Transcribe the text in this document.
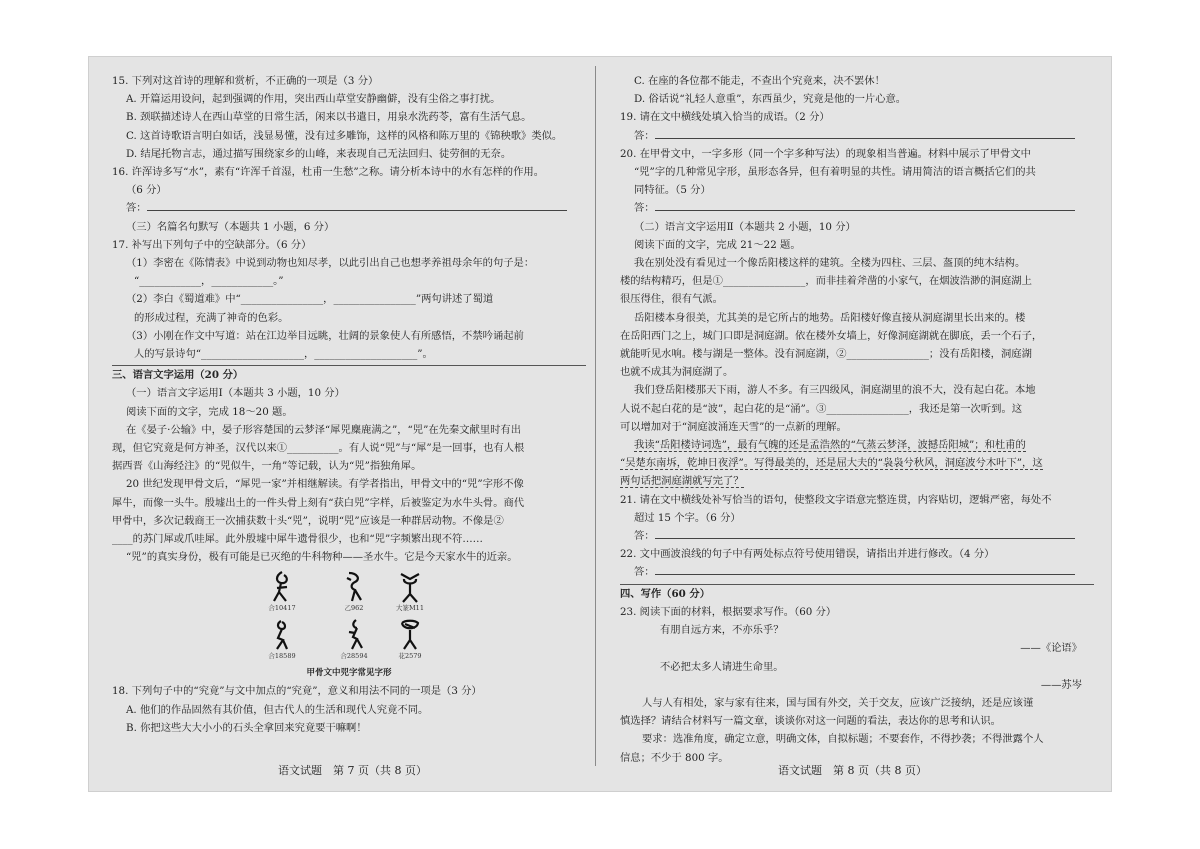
15. 下列对这首诗的理解和赏析，不正确的一项是（3 分）
A. 开篇运用设问，起到强调的作用，突出西山草堂安静幽僻，没有尘俗之事打扰。
B. 颈联描述诗人在西山草堂的日常生活，闲来以书遣日，用泉水洗药苓，富有生活气息。
C. 这首诗歌语言明白如话，浅显易懂，没有过多雕饰，这样的风格和陈万里的《锦秧歌》类似。
D. 结尾托物言志，通过描写围绕家乡的山峰，来表现自己无法回归、徒劳徊的无奈。
16. 许浑诗多写“水”，素有“许浑千首湿，杜甫一生愁”之称。请分析本诗中的水有怎样的作用。
（6 分）
答：
（三）名篇名句默写（本题共 1 小题，6 分）
17. 补写出下列句子中的空缺部分。（6 分）
（1）李密在《陈情表》中说到动物也知尽孝，以此引出自己也想孝养祖母余年的句子是：
“____________，____________。”
（2）李白《蜀道难》中“________________，________________”两句讲述了蜀道
的形成过程，充满了神奇的色彩。
（3）小刚在作文中写道：站在江边举目远眺，壮阔的景象使人有所感悟，不禁吟诵起前
人的写景诗句“____________________，____________________”。
三、语言文字运用（20 分）
（一）语言文字运用Ⅰ（本题共 3 小题，10 分）
阅读下面的文字，完成 18～20 题。
在《晏子·公输》中，晏子形容楚国的云梦泽“犀兕麋鹿满之”，“兕”在先秦文献里时有出
现，但它究竟是何方神圣，汉代以来①__________。有人说“兕”与“犀”是一回事，也有人根
据西晋《山海经注》的“兕似牛，一角”等记载，认为“兕”指独角犀。
20 世纪发现甲骨文后，“犀兕一家”并相继解读。有学者指出，甲骨文中的“兕”字形不像
犀牛，而像一头牛。殷墟出土的一件头骨上刻有“获白兕”字样，后被鉴定为水牛头骨。商代
甲骨中，多次记载商王一次捕获数十头“兕”，说明“兕”应该是一种群居动物。不像是②
____的苏门犀或爪哇犀。此外殷墟中犀牛遗骨很少，也和“兕”字频繁出现不符……
“兕”的真实身份，极有可能是已灭绝的牛科物种——圣水牛。它是今天家水牛的近亲。
合10417	乙962	大篆M11
合18589	合28594	花2579
甲骨文中兕字常见字形
18. 下列句子中的“究竟”与文中加点的“究竟”，意义和用法不同的一项是（3 分）
A. 他们的作品固然有其价值，但古代人的生活和现代人究竟不同。
B. 你把这些大大小小的石头全拿回来究竟要干嘛啊！
语文试题　第 7 页（共 8 页）
C. 在座的各位都不能走，不查出个究竟来，决不罢休！
D. 俗话说“礼轻人意重”，东西虽少，究竟是他的一片心意。
19. 请在文中横线处填入恰当的成语。（2 分）
答：
20. 在甲骨文中，一字多形（同一个字多种写法）的现象相当普遍。材料中展示了甲骨文中
“兕”字的几种常见字形，虽形态各异，但有着明显的共性。请用简洁的语言概括它们的共
同特征。（5 分）
答：
（二）语言文字运用Ⅱ（本题共 2 小题，10 分）
阅读下面的文字，完成 21～22 题。
我在别处没有看见过一个像岳阳楼这样的建筑。全楼为四柱、三层、盔顶的纯木结构。
楼的结构精巧，但是①________________，而非挂着斧凿的小家气，在烟波浩渺的洞庭湖上
很压得住，很有气派。
岳阳楼本身很美，尤其美的是它所占的地势。岳阳楼好像直接从洞庭湖里长出来的。楼
在岳阳西门之上，城门口即是洞庭湖。依在楼外女墙上，好像洞庭湖就在脚底，丢一个石子，
就能听见水响。楼与湖是一整体。没有洞庭湖，②________________；没有岳阳楼，洞庭湖
也就不成其为洞庭湖了。
我们登岳阳楼那天下雨，游人不多。有三四级风，洞庭湖里的浪不大，没有起白花。本地
人说不起白花的是“波”，起白花的是“涌”。③________________，我还是第一次听到。这
可以增加对于“洞庭波涌连天雪”的一点新的理解。
我读“岳阳楼诗词选”，最有气魄的还是孟浩然的“气蒸云梦泽，波撼岳阳城”；和杜甫的
“吴楚东南坼，乾坤日夜浮”。写得最美的，还是屈大夫的“袅袅兮秋风，洞庭波兮木叶下”，这
两句话把洞庭湖就写完了？
21. 请在文中横线处补写恰当的语句，使整段文字语意完整连贯，内容贴切，逻辑严密，每处不
超过 15 个字。（6 分）
答：
22. 文中画波浪线的句子中有两处标点符号使用错误，请指出并进行修改。（4 分）
答：
四、写作（60 分）
23. 阅读下面的材料，根据要求写作。（60 分）
有朋自远方来，不亦乐乎？
——《论语》
不必把太多人请进生命里。
——苏岑
人与人有相处，家与家有往来，国与国有外交，关于交友，应该广泛接纳，还是应该谨
慎选择？请结合材料写一篇文章，谈谈你对这一问题的看法，表达你的思考和认识。
要求：选准角度，确定立意，明确文体，自拟标题；不要套作，不得抄袭；不得泄露个人
信息；不少于 800 字。
语文试题　第 8 页（共 8 页）
